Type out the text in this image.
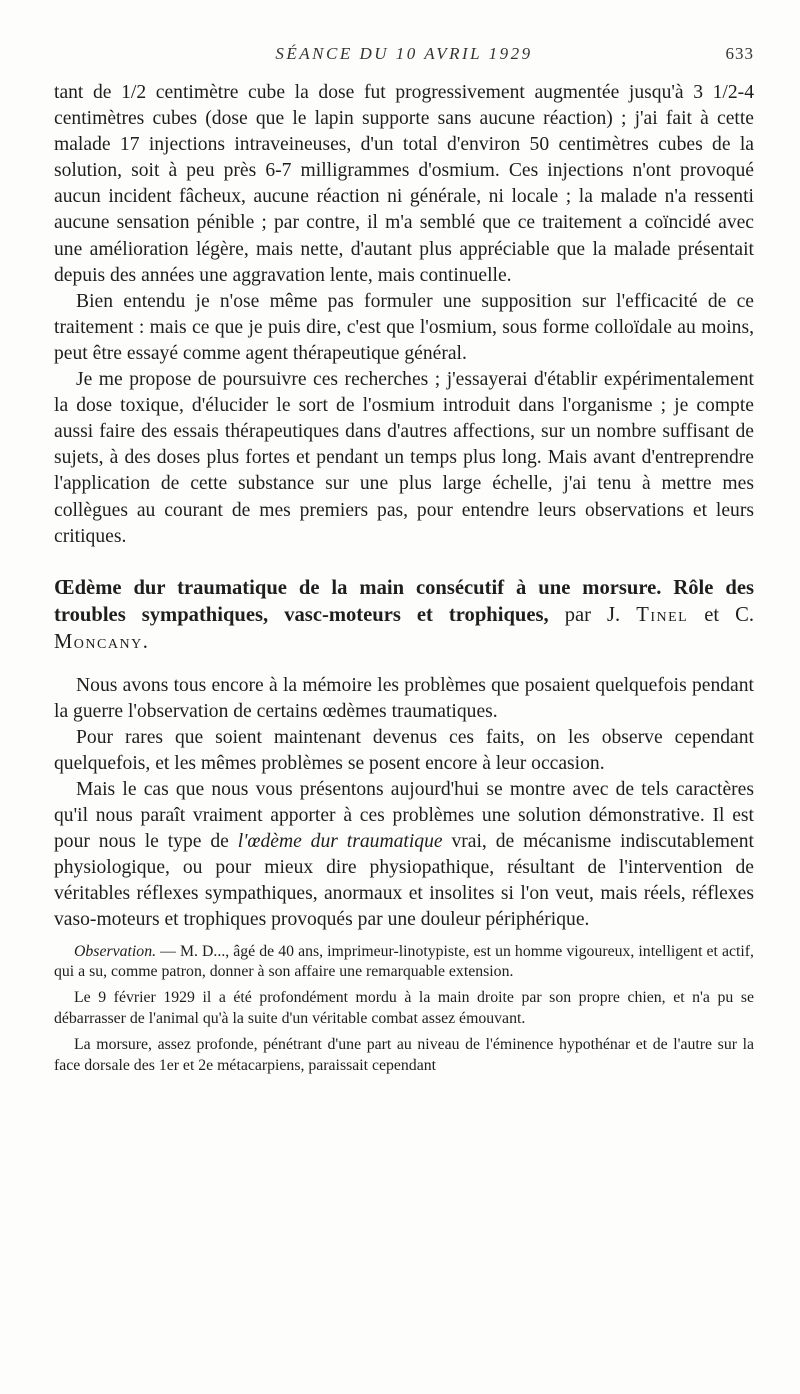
SÉANCE DU 10 AVRIL 1929	633

tant de 1/2 centimètre cube la dose fut progressivement augmentée jusqu'à 3 1/2-4 centimètres cubes (dose que le lapin supporte sans aucune réaction) ; j'ai fait à cette malade 17 injections intraveineuses, d'un total d'environ 50 centimètres cubes de la solution, soit à peu près 6-7 milligrammes d'osmium. Ces injections n'ont provoqué aucun incident fâcheux, aucune réaction ni générale, ni locale ; la malade n'a ressenti aucune sensation pénible ; par contre, il m'a semblé que ce traitement a coïncidé avec une amélioration légère, mais nette, d'autant plus appréciable que la malade présentait depuis des années une aggravation lente, mais continuelle.

Bien entendu je n'ose même pas formuler une supposition sur l'efficacité de ce traitement : mais ce que je puis dire, c'est que l'osmium, sous forme colloïdale au moins, peut être essayé comme agent thérapeutique général.

Je me propose de poursuivre ces recherches ; j'essayerai d'établir expérimentalement la dose toxique, d'élucider le sort de l'osmium introduit dans l'organisme ; je compte aussi faire des essais thérapeutiques dans d'autres affections, sur un nombre suffisant de sujets, à des doses plus fortes et pendant un temps plus long. Mais avant d'entreprendre l'application de cette substance sur une plus large échelle, j'ai tenu à mettre mes collègues au courant de mes premiers pas, pour entendre leurs observations et leurs critiques.

Œdème dur traumatique de la main consécutif à une morsure. Rôle des troubles sympathiques, vasc-moteurs et trophiques, par J. Tinel et C. Moncany.

Nous avons tous encore à la mémoire les problèmes que posaient quelquefois pendant la guerre l'observation de certains œdèmes traumatiques.

Pour rares que soient maintenant devenus ces faits, on les observe cependant quelquefois, et les mêmes problèmes se posent encore à leur occasion.

Mais le cas que nous vous présentons aujourd'hui se montre avec de tels caractères qu'il nous paraît vraiment apporter à ces problèmes une solution démonstrative. Il est pour nous le type de l'œdème dur traumatique vrai, de mécanisme indiscutablement physiologique, ou pour mieux dire physiopathique, résultant de l'intervention de véritables réflexes sympathiques, anormaux et insolites si l'on veut, mais réels, réflexes vaso-moteurs et trophiques provoqués par une douleur périphérique.

Observation. — M. D..., âgé de 40 ans, imprimeur-linotypiste, est un homme vigoureux, intelligent et actif, qui a su, comme patron, donner à son affaire une remarquable extension.

Le 9 février 1929 il a été profondément mordu à la main droite par son propre chien, et n'a pu se débarrasser de l'animal qu'à la suite d'un véritable combat assez émouvant.

La morsure, assez profonde, pénétrant d'une part au niveau de l'éminence hypothénar et de l'autre sur la face dorsale des 1er et 2e métacarpiens, paraissait cependant
